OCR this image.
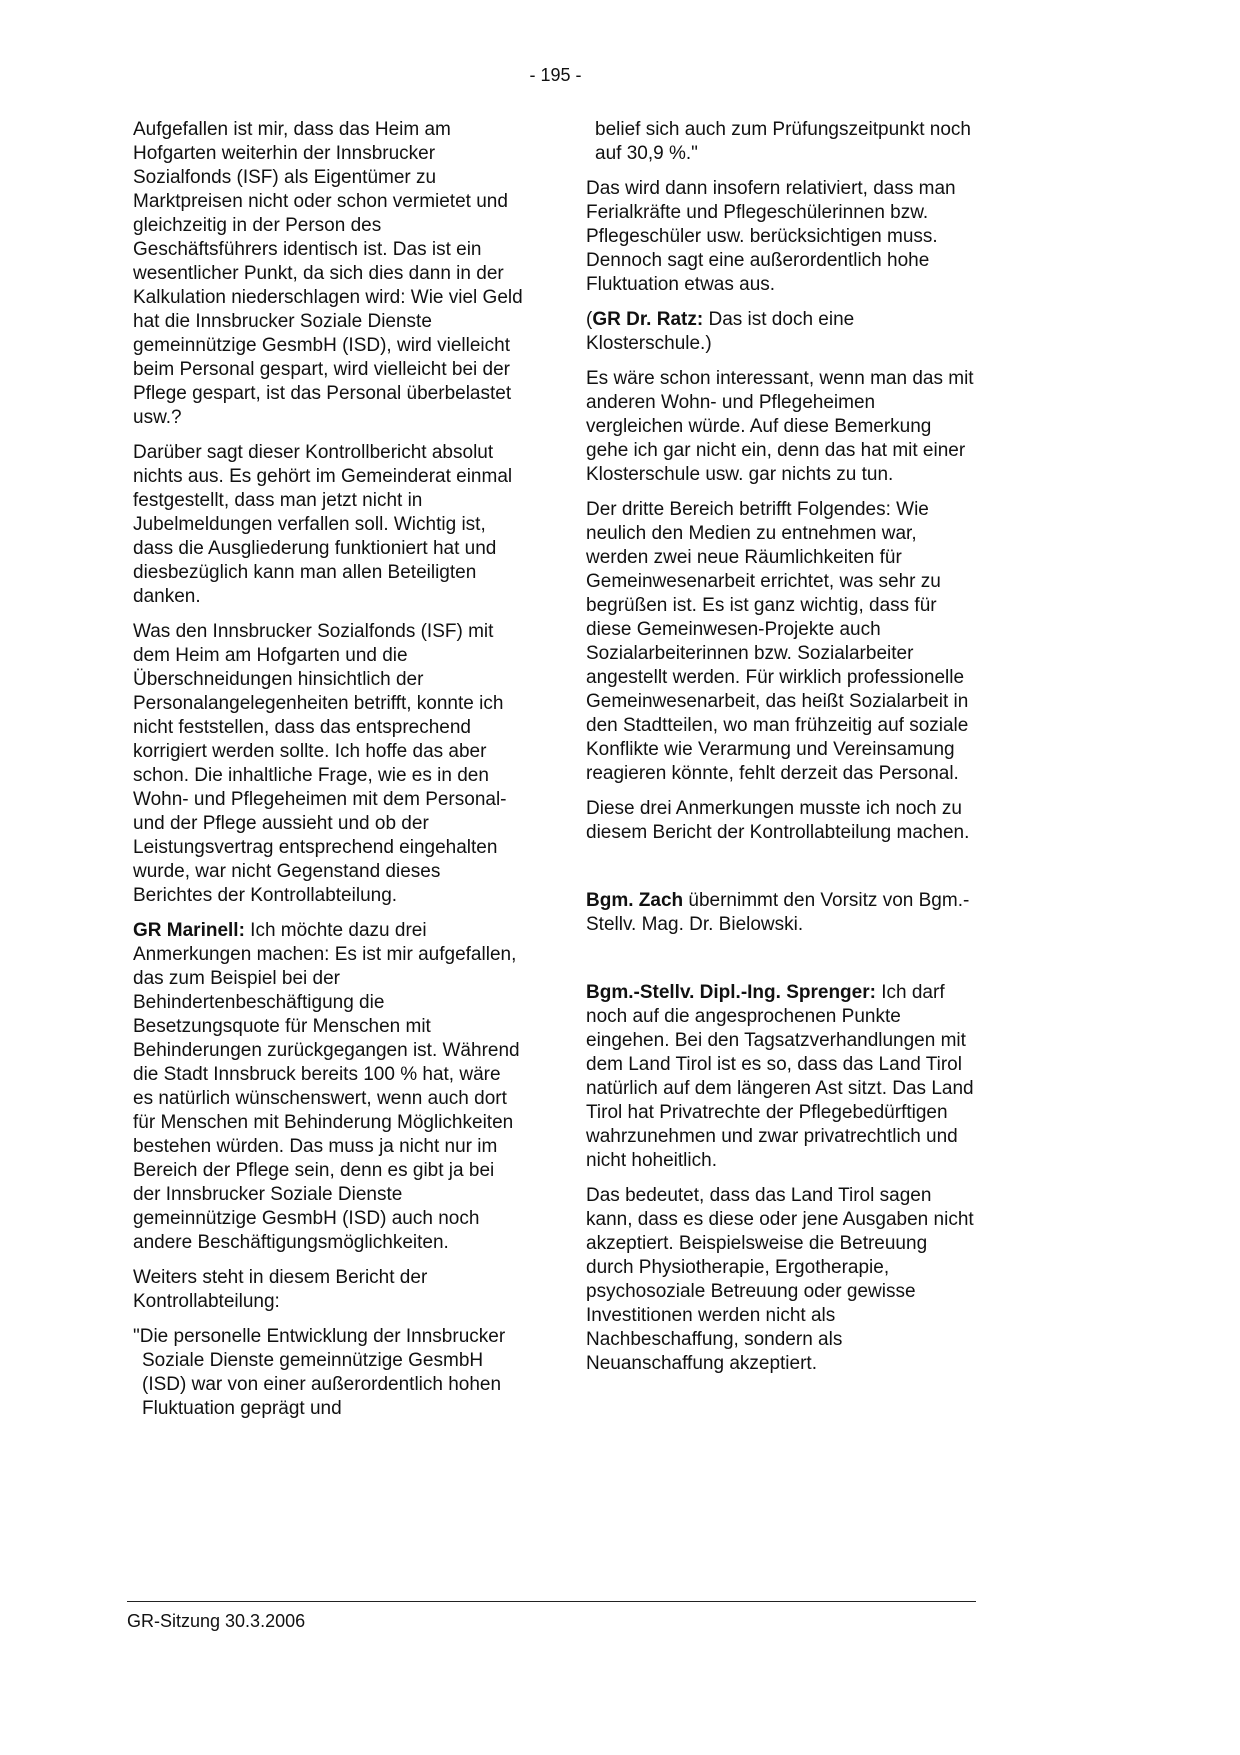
- 195 -

Aufgefallen ist mir, dass das Heim am Hofgarten weiterhin der Innsbrucker Sozialfonds (ISF) als Eigentümer zu Marktpreisen nicht oder schon vermietet und gleichzeitig in der Person des Geschäftsführers identisch ist. Das ist ein wesentlicher Punkt, da sich dies dann in der Kalkulation niederschlagen wird: Wie viel Geld hat die Innsbrucker Soziale Dienste gemeinnützige GesmbH (ISD), wird vielleicht beim Personal gespart, wird vielleicht bei der Pflege gespart, ist das Personal überbelastet usw.?

Darüber sagt dieser Kontrollbericht absolut nichts aus. Es gehört im Gemeinderat einmal festgestellt, dass man jetzt nicht in Jubelmeldungen verfallen soll. Wichtig ist, dass die Ausgliederung funktioniert hat und diesbezüglich kann man allen Beteiligten danken.

Was den Innsbrucker Sozialfonds (ISF) mit dem Heim am Hofgarten und die Überschneidungen hinsichtlich der Personalangelegenheiten betrifft, konnte ich nicht feststellen, dass das entsprechend korrigiert werden sollte. Ich hoffe das aber schon. Die inhaltliche Frage, wie es in den Wohn- und Pflegeheimen mit dem Personal- und der Pflege aussieht und ob der Leistungsvertrag entsprechend eingehalten wurde, war nicht Gegenstand dieses Berichtes der Kontrollabteilung.

GR Marinell: Ich möchte dazu drei Anmerkungen machen: Es ist mir aufgefallen, das zum Beispiel bei der Behindertenbeschäftigung die Besetzungsquote für Menschen mit Behinderungen zurückgegangen ist. Während die Stadt Innsbruck bereits 100 % hat, wäre es natürlich wünschenswert, wenn auch dort für Menschen mit Behinderung Möglichkeiten bestehen würden. Das muss ja nicht nur im Bereich der Pflege sein, denn es gibt ja bei der Innsbrucker Soziale Dienste gemeinnützige GesmbH (ISD) auch noch andere Beschäftigungsmöglichkeiten.

Weiters steht in diesem Bericht der Kontrollabteilung:

"Die personelle Entwicklung der Innsbrucker Soziale Dienste gemeinnützige GesmbH (ISD) war von einer außerordentlich hohen Fluktuation geprägt und

belief sich auch zum Prüfungszeitpunkt noch auf 30,9 %."

Das wird dann insofern relativiert, dass man Ferialkräfte und Pflegeschülerinnen bzw. Pflegeschüler usw. berücksichtigen muss. Dennoch sagt eine außerordentlich hohe Fluktuation etwas aus.

(GR Dr. Ratz: Das ist doch eine Klosterschule.)

Es wäre schon interessant, wenn man das mit anderen Wohn- und Pflegeheimen vergleichen würde. Auf diese Bemerkung gehe ich gar nicht ein, denn das hat mit einer Klosterschule usw. gar nichts zu tun.

Der dritte Bereich betrifft Folgendes: Wie neulich den Medien zu entnehmen war, werden zwei neue Räumlichkeiten für Gemeinwesenarbeit errichtet, was sehr zu begrüßen ist. Es ist ganz wichtig, dass für diese Gemeinwesen-Projekte auch Sozialarbeiterinnen bzw. Sozialarbeiter angestellt werden. Für wirklich professionelle Gemeinwesenarbeit, das heißt Sozialarbeit in den Stadtteilen, wo man frühzeitig auf soziale Konflikte wie Verarmung und Vereinsamung reagieren könnte, fehlt derzeit das Personal.

Diese drei Anmerkungen musste ich noch zu diesem Bericht der Kontrollabteilung machen.

Bgm. Zach übernimmt den Vorsitz von Bgm.-Stellv. Mag. Dr. Bielowski.

Bgm.-Stellv. Dipl.-Ing. Sprenger: Ich darf noch auf die angesprochenen Punkte eingehen. Bei den Tagsatzverhandlungen mit dem Land Tirol ist es so, dass das Land Tirol natürlich auf dem längeren Ast sitzt. Das Land Tirol hat Privatrechte der Pflegebedürftigen wahrzunehmen und zwar privatrechtlich und nicht hoheitlich.

Das bedeutet, dass das Land Tirol sagen kann, dass es diese oder jene Ausgaben nicht akzeptiert. Beispielsweise die Betreuung durch Physiotherapie, Ergotherapie, psychosoziale Betreuung oder gewisse Investitionen werden nicht als Nachbeschaffung, sondern als Neuanschaffung akzeptiert.

GR-Sitzung 30.3.2006
